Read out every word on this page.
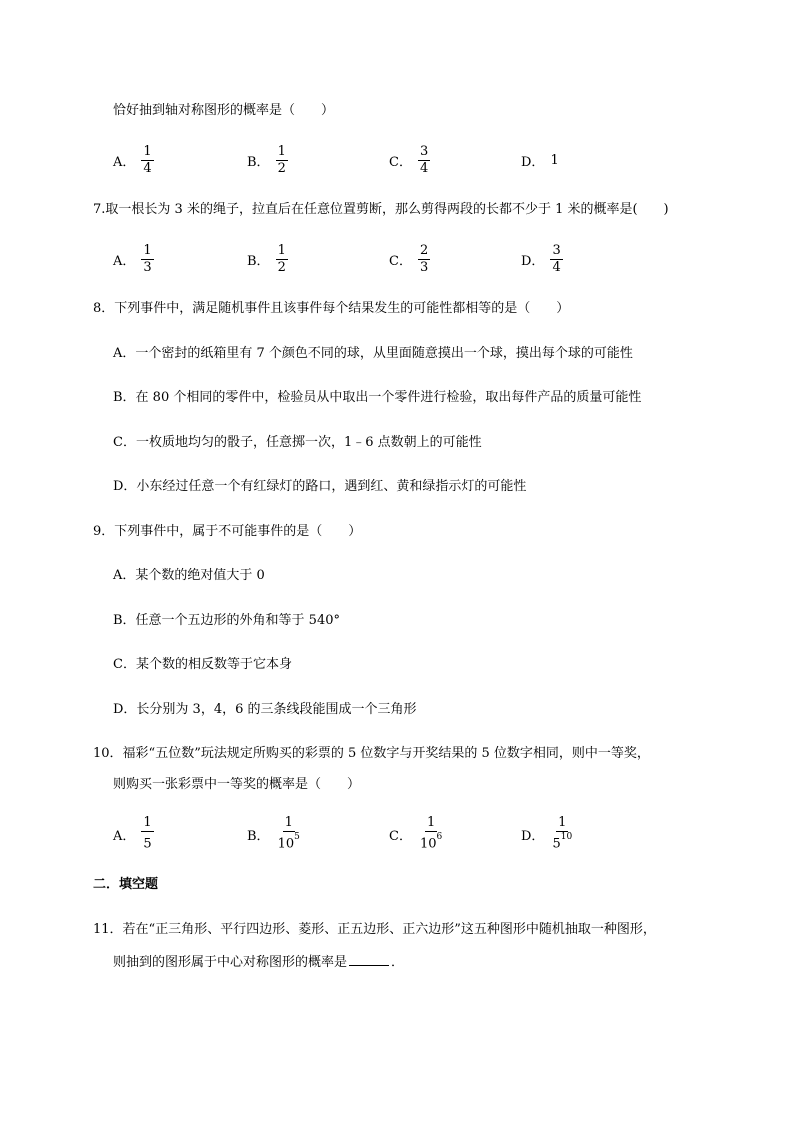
恰好抽到轴对称图形的概率是（　　）
A． $\frac{1}{4}$	B． $\frac{1}{2}$	C． $\frac{3}{4}$	D． 1
7.取一根长为 3 米的绳子，拉直后在任意位置剪断，那么剪得两段的长都不少于 1 米的概率是(　　)
A． $\frac{1}{3}$	B． $\frac{1}{2}$	C． $\frac{2}{3}$	D． $\frac{3}{4}$
8．下列事件中，满足随机事件且该事件每个结果发生的可能性都相等的是（　　）
A．一个密封的纸箱里有 7 个颜色不同的球，从里面随意摸出一个球，摸出每个球的可能性
B．在 80 个相同的零件中，检验员从中取出一个零件进行检验，取出每件产品的质量可能性
C．一枚质地均匀的骰子，任意掷一次，1﹣6 点数朝上的可能性
D．小东经过任意一个有红绿灯的路口，遇到红、黄和绿指示灯的可能性
9．下列事件中，属于不可能事件的是（　　）
A．某个数的绝对值大于 0
B．任意一个五边形的外角和等于 540°
C．某个数的相反数等于它本身
D．长分别为 3，4，6 的三条线段能围成一个三角形
10．福彩“五位数”玩法规定所购买的彩票的 5 位数字与开奖结果的 5 位数字相同，则中一等奖，
则购买一张彩票中一等奖的概率是（　　）
A． $\frac{1}{5}$	B． $\frac{1}{10^5}$	C． $\frac{1}{10^6}$	D． $\frac{1}{5^{10}}$
二．填空题
11．若在“正三角形、平行四边形、菱形、正五边形、正六边形”这五种图形中随机抽取一种图形，
则抽到的图形属于中心对称图形的概率是	．
